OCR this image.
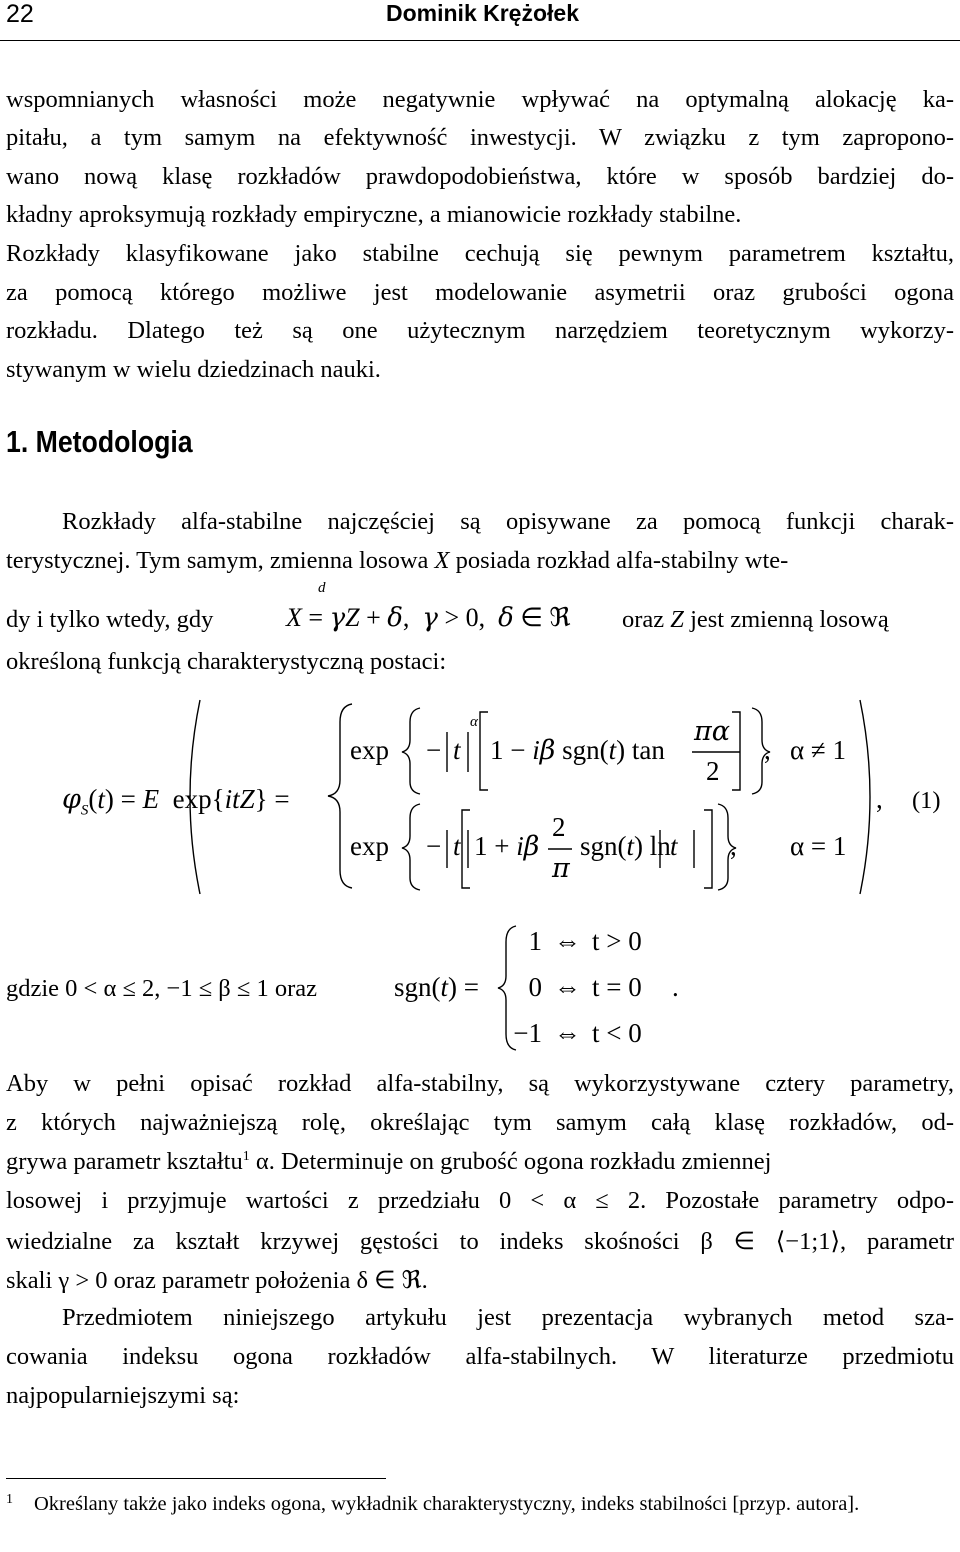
22	Dominik Krężołek
wspomnianych własności może negatywnie wpływać na optymalną alokację ka-
pitału, a tym samym na efektywność inwestycji. W związku z tym zapropono-
wano nową klasę rozkładów prawdopodobieństwa, które w sposób bardziej do-
kładny aproksymują rozkłady empiryczne, a mianowicie rozkłady stabilne.
Rozkłady klasyfikowane jako stabilne cechują się pewnym parametrem kształtu,
za pomocą którego możliwe jest modelowanie asymetrii oraz grubości ogona
rozkładu. Dlatego też są one użytecznym narzędziem teoretycznym wykorzy-
stywanym w wielu dziedzinach nauki.
1. Metodologia
Rozkłady alfa-stabilne najczęściej są opisywane za pomocą funkcji charak-
terystycznej. Tym samym, zmienna losowa X posiada rozkład alfa-stabilny wte-
dy i tylko wtedy, gdy
d
X = γZ + δ,  γ > 0,  δ ∈ ℜ oraz Z jest zmienną losową
określoną funkcją charakterystyczną postaci:
$\varphi_S(t) = E$  exp{itZ} =
exp − t
α
1 − iβ sgn(t) tan
πα
2
, α ≠ 1
, (1)
exp − t 1 + iβ
2
π
sgn(t) ln t , α = 1
gdzie 0 < α ≤ 2, −1 ≤ β ≤ 1 oraz	sgn(t) =
1 ⇔ t > 0
0 ⇔ t = 0 .
−1 ⇔ t < 0
Aby w pełni opisać rozkład alfa-stabilny, są wykorzystywane cztery parametry,
z których najważniejszą rolę, określając tym samym całą klasę rozkładów, od-
grywa parametr kształtu$^1$ α. Determinuje on grubość ogona rozkładu zmiennej
losowej i przyjmuje wartości z przedziału 0 < α ≤ 2. Pozostałe parametry odpo-
wiedzialne za kształt krzywej gęstości to indeks skośności β ∈ ⟨−1;1⟩, parametr
skali γ > 0 oraz parametr położenia δ ∈ ℜ.
Przedmiotem niniejszego artykułu jest prezentacja wybranych metod sza-
cowania indeksu ogona rozkładów alfa-stabilnych. W literaturze przedmiotu
najpopularniejszymi są:
$^1$ Określany także jako indeks ogona, wykładnik charakterystyczny, indeks stabilności [przyp. autora].
